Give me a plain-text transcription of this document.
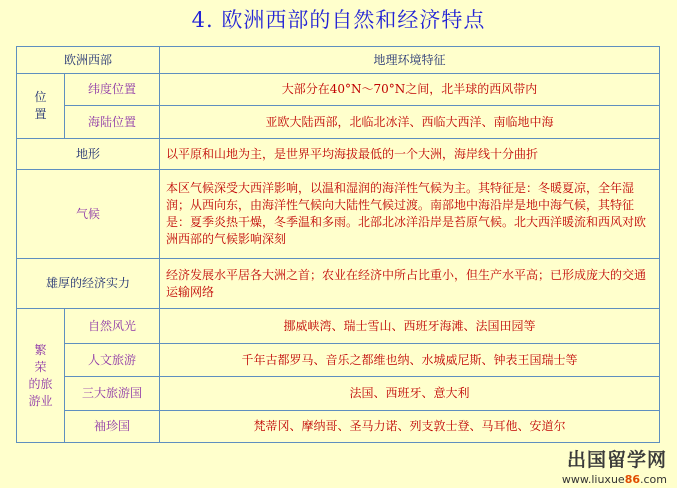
4. 欧洲西部的自然和经济特点
欧洲西部		地理环境特征
位
置	纬度位置	大部分在40°N～70°N之间，北半球的西风带内
	海陆位置	亚欧大陆西部，北临北冰洋、西临大西洋、南临地中海
地形		以平原和山地为主，是世界平均海拔最低的一个大洲，海岸线十分曲折
气候		本区气候深受大西洋影响，以温和湿润的海洋性气候为主。其特征是：冬暖夏凉，全年湿润；从西向东，由海洋性气候向大陆性气候过渡。南部地中海沿岸是地中海气候，其特征是：夏季炎热干燥，冬季温和多雨。北部北冰洋沿岸是苔原气候。北大西洋暖流和西风对欧洲西部的气候影响深刻
雄厚的经济实力		经济发展水平居各大洲之首；农业在经济中所占比重小，但生产水平高；已形成庞大的交通运输网络
繁
荣
的旅
游业	自然风光	挪威峡湾、瑞士雪山、西班牙海滩、法国田园等
	人文旅游	千年古都罗马、音乐之都维也纳、水城威尼斯、钟表王国瑞士等
	三大旅游国	法国、西班牙、意大利
	袖珍国	梵蒂冈、摩纳哥、圣马力诺、列支敦士登、马耳他、安道尔
出国留学网
www.liuxue86.com
